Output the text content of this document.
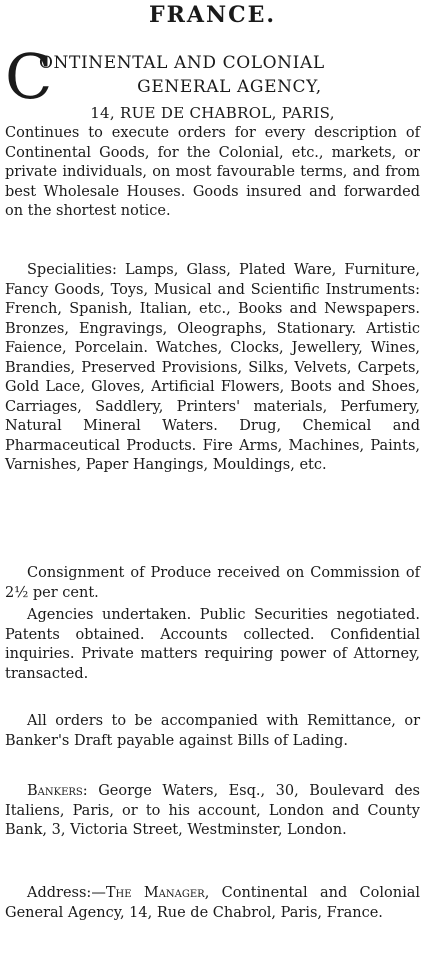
FRANCE.
C
ONTINENTAL AND COLONIAL
GENERAL AGENCY,
14, RUE DE CHABROL, PARIS,

Continues to execute orders for every description of Continental Goods, for the Colonial, etc., markets, or private individuals, on most favourable terms, and from best Wholesale Houses. Goods insured and forwarded on the shortest notice.

Specialities: Lamps, Glass, Plated Ware, Furniture, Fancy Goods, Toys, Musical and Scientific Instruments: French, Spanish, Italian, etc., Books and Newspapers. Bronzes, Engravings, Oleographs, Stationary. Artistic Faience, Porcelain. Watches, Clocks, Jewellery, Wines, Brandies, Preserved Provisions, Silks, Velvets, Carpets, Gold Lace, Gloves, Artificial Flowers, Boots and Shoes, Carriages, Saddlery, Printers' materials, Perfumery, Natural Mineral Waters. Drug, Chemical and Pharmaceutical Products. Fire Arms, Machines, Paints, Varnishes, Paper Hangings, Mouldings, etc.

Consignment of Produce received on Commission of 2½ per cent.

Agencies undertaken. Public Securities negotiated. Patents obtained. Accounts collected. Confidential inquiries. Private matters requiring power of Attorney, transacted.

All orders to be accompanied with Remittance, or Banker's Draft payable against Bills of Lading.

Bankers: George Waters, Esq., 30, Boulevard des Italiens, Paris, or to his account, London and County Bank, 3, Victoria Street, Westminster, London.

Address:—The Manager, Continental and Colonial General Agency, 14, Rue de Chabrol, Paris, France.
